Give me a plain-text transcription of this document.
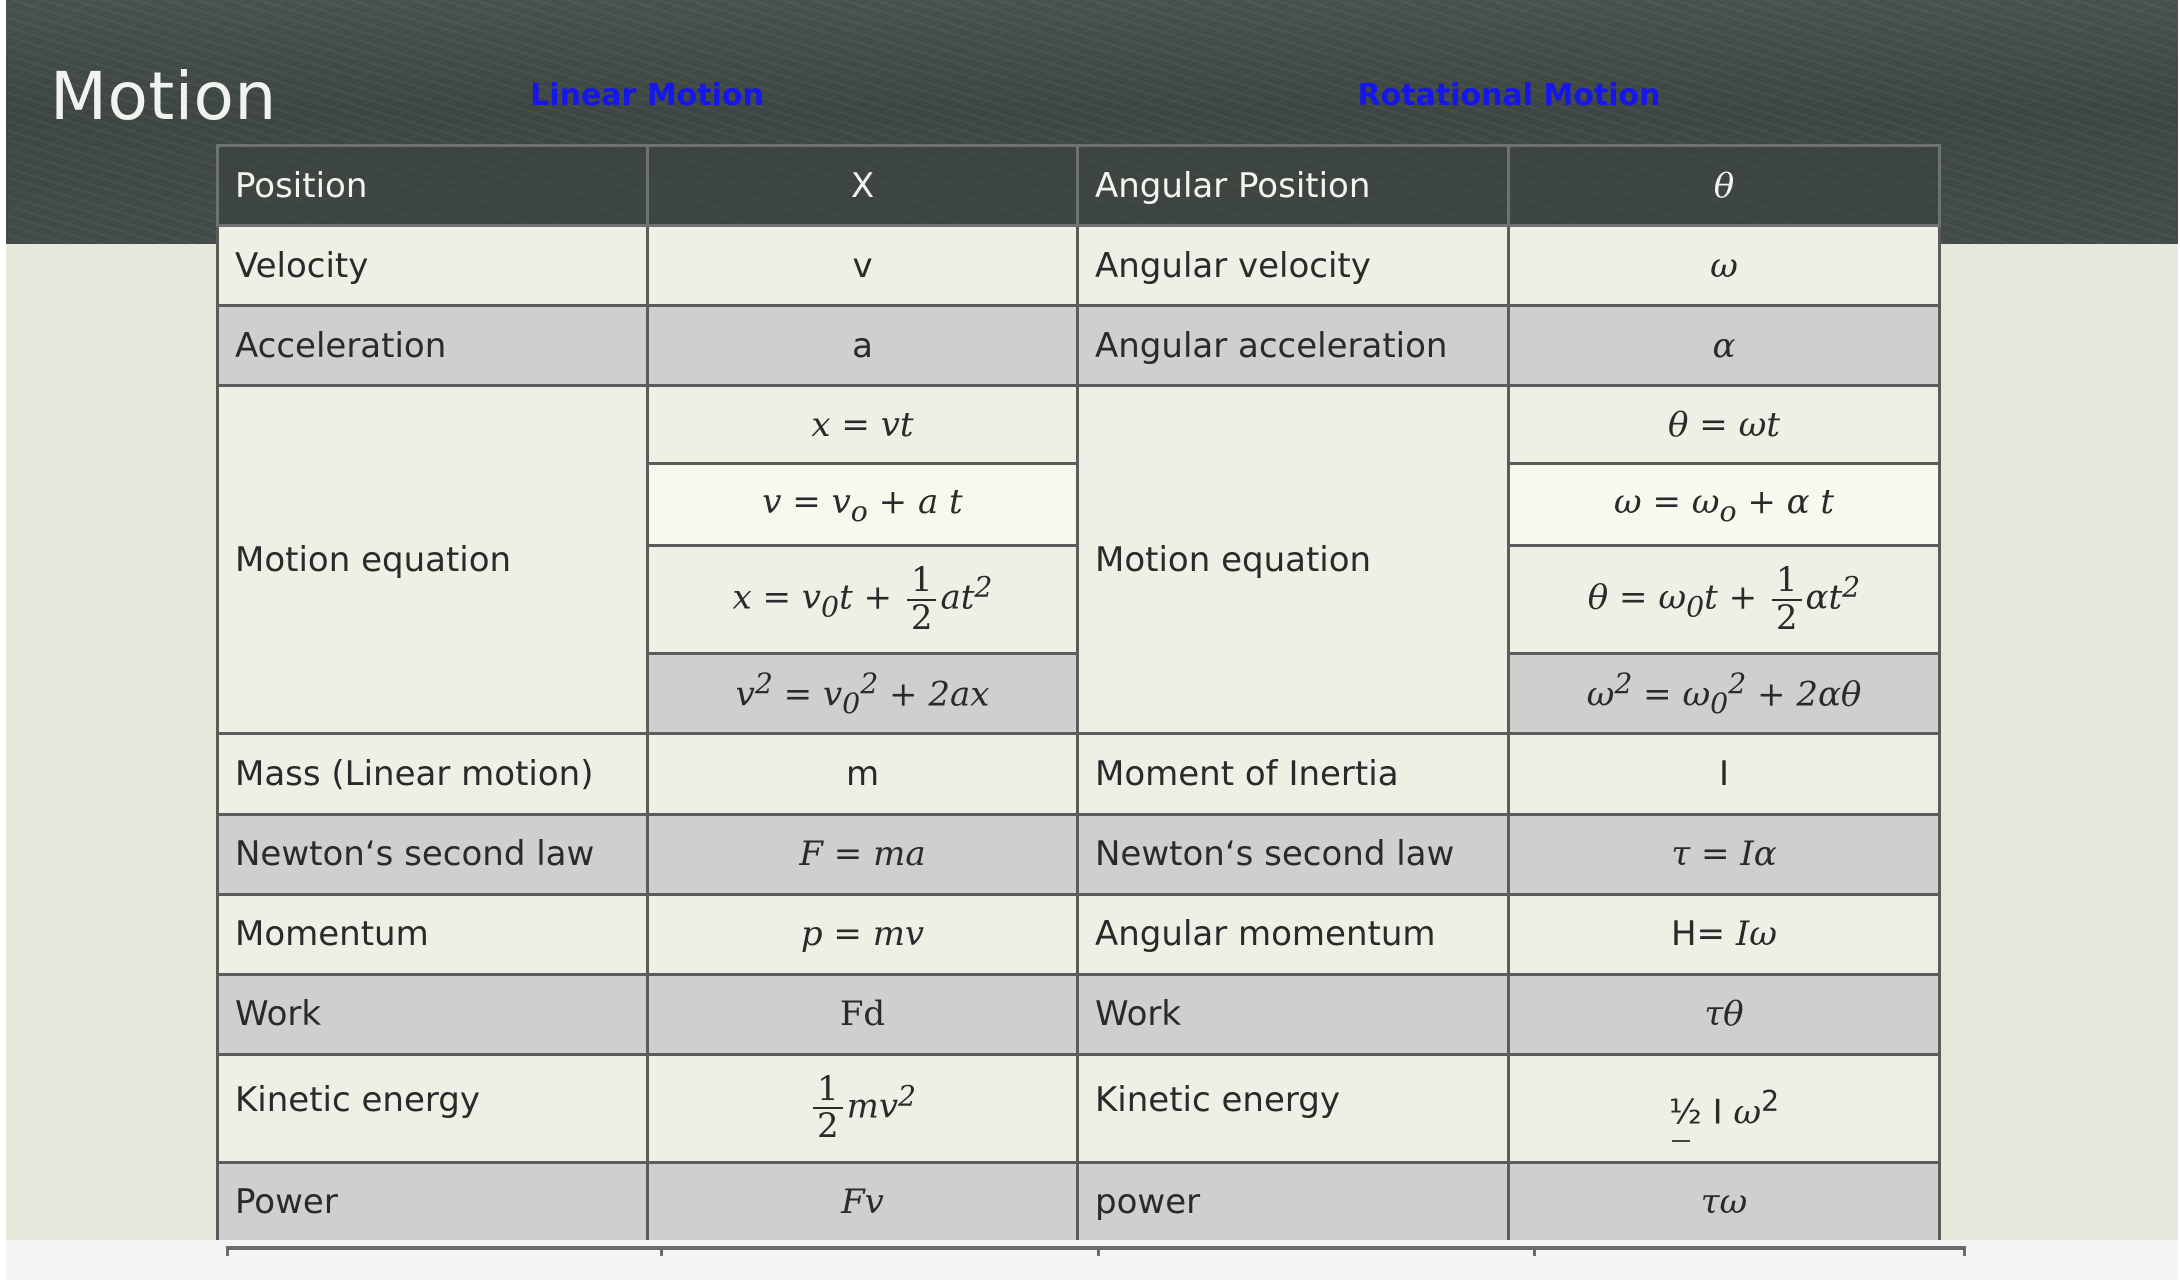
Motion	Linear Motion	Rotational Motion
Position	X	Angular Position	θ
Velocity	v	Angular velocity	ω
Acceleration	a	Angular acceleration	α
Motion equation	x = vt	Motion equation	θ = ωt
	$v = v_o + a$ t		$\omega = \omega_o + \alpha$ t
	$x = v_0t + \frac{1}{2} at^2$		$\theta = \omega_0t + \frac{1}{2} \alpha t^2$
	$v^2 = v_0^2 + 2ax$		$\omega^2 = \omega_0^2 + 2\alpha\theta$
Mass (Linear motion)	m	Moment of Inertia	I
Newton‘s second law	F = ma	Newton‘s second law	τ = Iα
Momentum	p = mv	Angular momentum	H= Iω
Work	Fd	Work	τθ
Kinetic energy	$\frac{1}{2} mv^2$	Kinetic energy	½ I $\omega^2$
Power	Fv	power	τω
